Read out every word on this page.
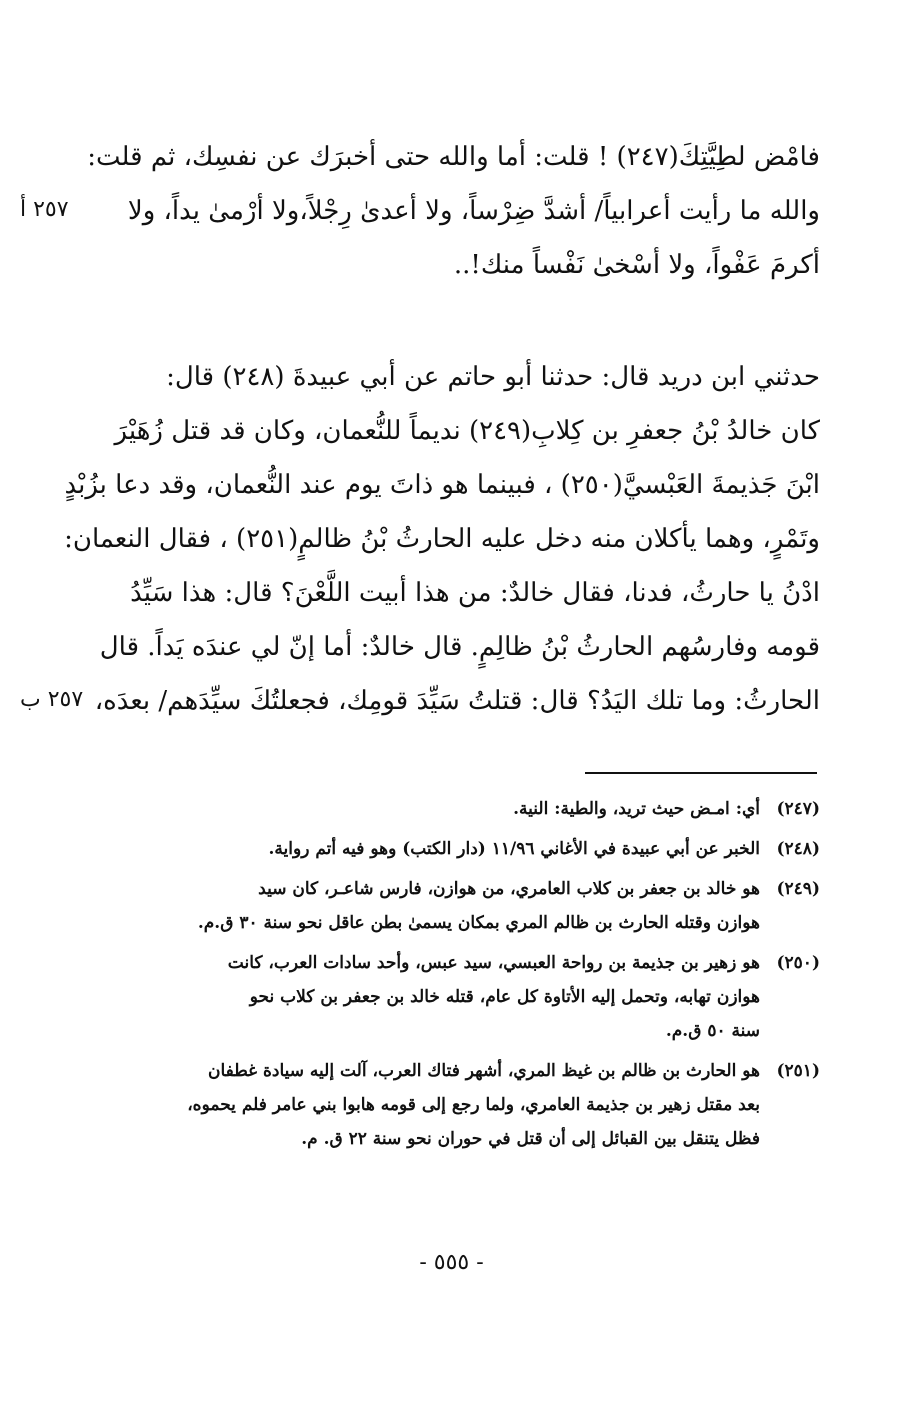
فامْض لطِيَّتِكَ(٢٤٧) ! قلت: أما والله حتى أخبرَك عن نفسِك، ثم قلت:
والله ما رأيت أعرابياً/ أشدَّ ضِرْساً، ولا أعدىٰ رِجْلاً،ولا أرْمىٰ يداً، ولا
أكرمَ عَفْواً، ولا أسْخىٰ نَفْساً منك!..
٢٥٧ أ
حدثني ابن دريد قال: حدثنا أبو حاتم عن أبي عبيدةَ (٢٤٨) قال:
كان خالدُ بْنُ جعفرِ بن كِلابِ(٢٤٩) نديماً للنُّعمان، وكان قد قتل زُهَيْرَ
ابْنَ جَذيمةَ العَبْسيَّ(٢٥٠) ، فبينما هو ذاتَ يوم عند النُّعمان، وقد دعا بزُبْدٍ
وتَمْرٍ، وهما يأكلان منه دخل عليه الحارثُ بْنُ ظالمٍ(٢٥١) ، فقال النعمان:
ادْنُ يا حارثُ، فدنا، فقال خالدٌ: من هذا أبيت اللَّعْنَ؟ قال: هذا سَيِّدُ
قومه وفارسُهم الحارثُ بْنُ ظالِمٍ. قال خالدٌ: أما إنّ لي عندَه يَداً. قال
الحارثُ: وما تلك اليَدُ؟ قال: قتلتُ سَيِّدَ قومِك، فجعلتُكَ سيِّدَهم/ بعدَه،
٢٥٧ ب
(٢٤٧)
أي: امـض حيث تريد، والطية: النية.
(٢٤٨)
الخبر عن أبي عبيدة في الأغاني ١١/٩٦ (دار الكتب) وهو فيه أتم رواية.
(٢٤٩)
هو خالد بن جعفر بن كلاب العامري، من هوازن، فارس شاعـر، كان سيد
هوازن وقتله الحارث بن ظالم المري بمكان يسمىٰ بطن عاقل نحو سنة ٣٠ ق.م.
(٢٥٠)
هو زهير بن جذيمة بن رواحة العبسي، سيد عبس، وأحد سادات العرب، كانت
هوازن تهابه، وتحمل إليه الأتاوة كل عام، قتله خالد بن جعفر بن كلاب نحو
سنة ٥٠ ق.م.
(٢٥١)
هو الحارث بن ظالم بن غيظ المري، أشهر فتاك العرب، آلت إليه سيادة غطفان
بعد مقتل زهير بن جذيمة العامري، ولما رجع إلى قومه هابوا بني عامر فلم يحموه،
فظل يتنقل بين القبائل إلى أن قتل في حوران نحو سنة ٢٢ ق. م.
- ٥٥٥ -
